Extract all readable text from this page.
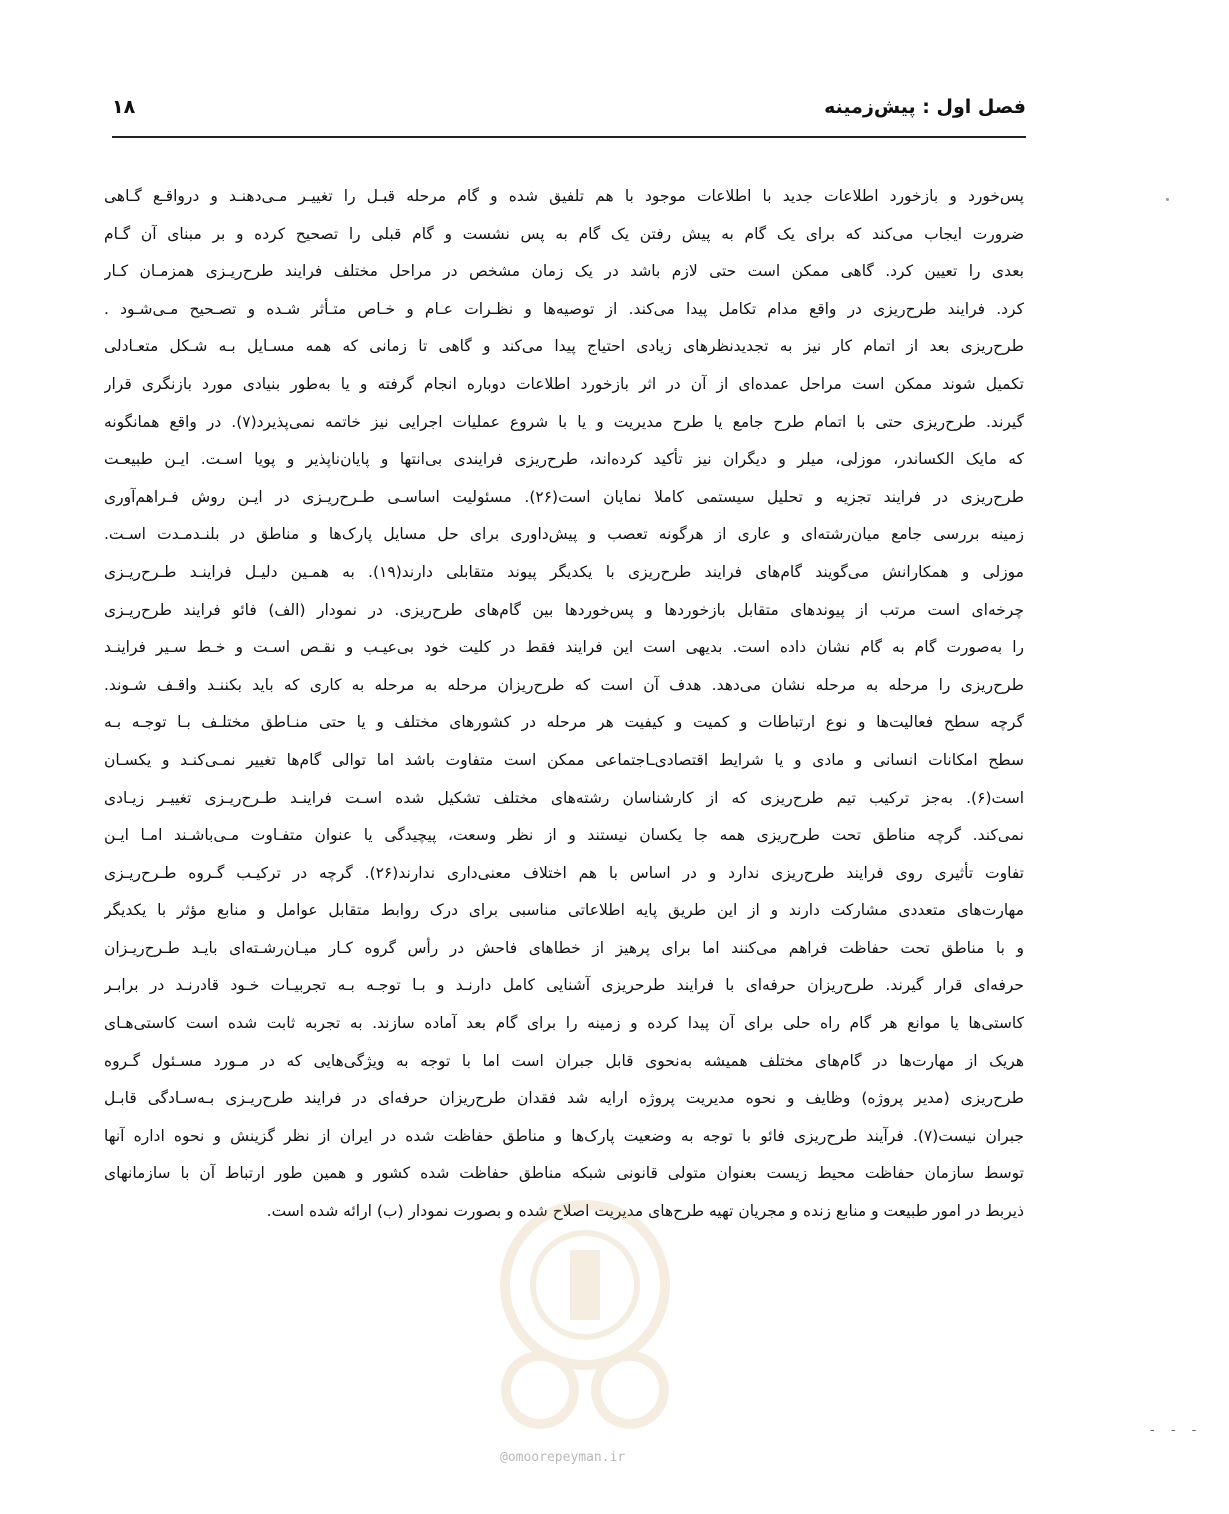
فصل اول : پیش‌زمینه
۱۸
پس‌خورد و بازخورد اطلاعات جدید با اطلاعات موجود با هم تلفیق شده و گام مرحله قبـل را تغییـر مـی‌دهنـد و درواقـع گـاهی
ضرورت ایجاب می‌کند که برای یک گام به پیش رفتن یک گام به پس نشست و گام قبلی را تصحیح کرده و بر مبنای آن گـام
بعدی را تعیین کرد. گاهی ممکن است حتی لازم باشد در یک زمان مشخص در مراحل مختلف فرایند طرح‌ریـزی همزمـان کـار
کرد. فرایند طرح‌ریزی در واقع مدام تکامل پیدا می‌کند. از توصیه‌ها و نظـرات عـام و خـاص متـأثر شـده و تصـحیح مـی‌شـود .
طرح‌ریزی بعد از اتمام کار نیز به تجدیدنظرهای زیادی احتیاج پیدا می‌کند و گاهی تا زمانی که همه مسـایل بـه شـکل متعـادلی
تکمیل شوند ممکن است مراحل عمده‌ای از آن در اثر بازخورد اطلاعات دوباره انجام گرفته و یا به‌طور بنیادی مورد بازنگری قرار
گیرند. طرح‌ریزی حتی با اتمام طرح جامع یا طرح مدیریت و یا با شروع عملیات اجرایی نیز خاتمه نمی‌پذیرد(۷). در واقع همانگونه
که مایک الکساندر، موزلی، میلر و دیگران نیز تأکید کرده‌اند، طرح‌ریزی فرایندی بی‌انتها و پایان‌ناپذیر و پویا اسـت. ایـن طبیعـت
طرح‌ریزی در فرایند تجزیه و تحلیل سیستمی کاملا نمایان است(۲۶). مسئولیت اساسـی طـرح‌ریـزی در ایـن روش فـراهم‌آوری
زمینه بررسی جامع میان‌رشته‌ای و عاری از هرگونه تعصب و پیش‌داوری برای حل مسایل پارک‌ها و مناطق در بلنـدمـدت اسـت.
موزلی و همکارانش می‌گویند گام‌های فرایند طرح‌ریزی با یکدیگر پیوند متقابلی دارند(۱۹). به همـین دلیـل فراینـد طـرح‌ریـزی
چرخه‌ای است مرتب از پیوندهای متقابل بازخوردها و پس‌خوردها بین گام‌های طرح‌ریزی. در نمودار (الف) فائو فرایند طرح‌ریـزی
را به‌صورت گام به گام نشان داده است. بدیهی است این فرایند فقط در کلیت خود بی‌عیـب و نقـص اسـت و خـط سـیر فراینـد
طرح‌ریزی را مرحله به مرحله نشان می‌دهد. هدف آن است که طرح‌ریزان مرحله به مرحله به کاری که باید بکننـد واقـف شـوند.
گرچه سطح فعالیت‌ها و نوع ارتباطات و کمیت و کیفیت هر مرحله در کشورهای مختلف و یا حتی منـاطق مختلـف بـا توجـه بـه
سطح امکانات انسانی و مادی و یا شرایط اقتصادی‌ـاجتماعی ممکن است متفاوت باشد اما توالی گام‌ها تغییر نمـی‌کنـد و یکسـان
است(۶). به‌جز ترکیب تیم طرح‌ریزی که از کارشناسان رشته‌های مختلف تشکیل شده اسـت فراینـد طـرح‌ریـزی تغییـر زیـادی
نمی‌کند. گرچه مناطق تحت طرح‌ریزی همه جا یکسان نیستند و از نظر وسعت، پیچیدگی یا عنوان متفـاوت مـی‌باشـند امـا ایـن
تفاوت تأثیری روی فرایند طرح‌ریزی ندارد و در اساس با هم اختلاف معنی‌داری ندارند(۲۶). گرچه در ترکیـب گـروه طـرح‌ریـزی
مهارت‌های متعددی مشارکت دارند و از این طریق پایه اطلاعاتی مناسبی برای درک روابط متقابل عوامل و منابع مؤثر با یکدیگر
و با مناطق تحت حفاظت فراهم می‌کنند اما برای پرهیز از خطاهای فاحش در رأس گروه کـار میـان‌رشـته‌ای بایـد طـرح‌ریـزان
حرفه‌ای قرار گیرند. طرح‌ریزان حرفه‌ای با فرایند طرحریزی آشنایی کامل دارنـد و بـا توجـه بـه تجربیـات خـود قادرنـد در برابـر
کاستی‌ها یا موانع هر گام راه حلی برای آن پیدا کرده و زمینه را برای گام بعد آماده سازند. به تجربه ثابت شده است کاستی‌هـای
هریک از مهارت‌ها در گام‌های مختلف همیشه به‌نحوی قابل جبران است اما با توجه به ویژگی‌هایی که در مـورد مسـئول گـروه
طرح‌ریزی (مدیر پروژه) وظایف و نحوه مدیریت پروژه ارایه شد فقدان طرح‌ریزان حرفه‌ای در فرایند طرح‌ریـزی بـه‌سـادگی قابـل
جبران نیست(۷). فرآیند طرح‌ریزی فائو با توجه به وضعیت پارک‌ها و مناطق حفاظت شده در ایران از نظر گزینش و نحوه اداره آنها
توسط سازمان حفاظت محیط زیست بعنوان متولی قانونی شبکه مناطق حفاظت شده کشور و همین طور ارتباط آن با سازمانهای
ذیربط در امور طبیعت و منابع زنده و مجریان تهیه طرح‌های مدیریت اصلاح شده و بصورت نمودار (ب) ارائه شده است.
@omoorepeyman.ir
- - -
